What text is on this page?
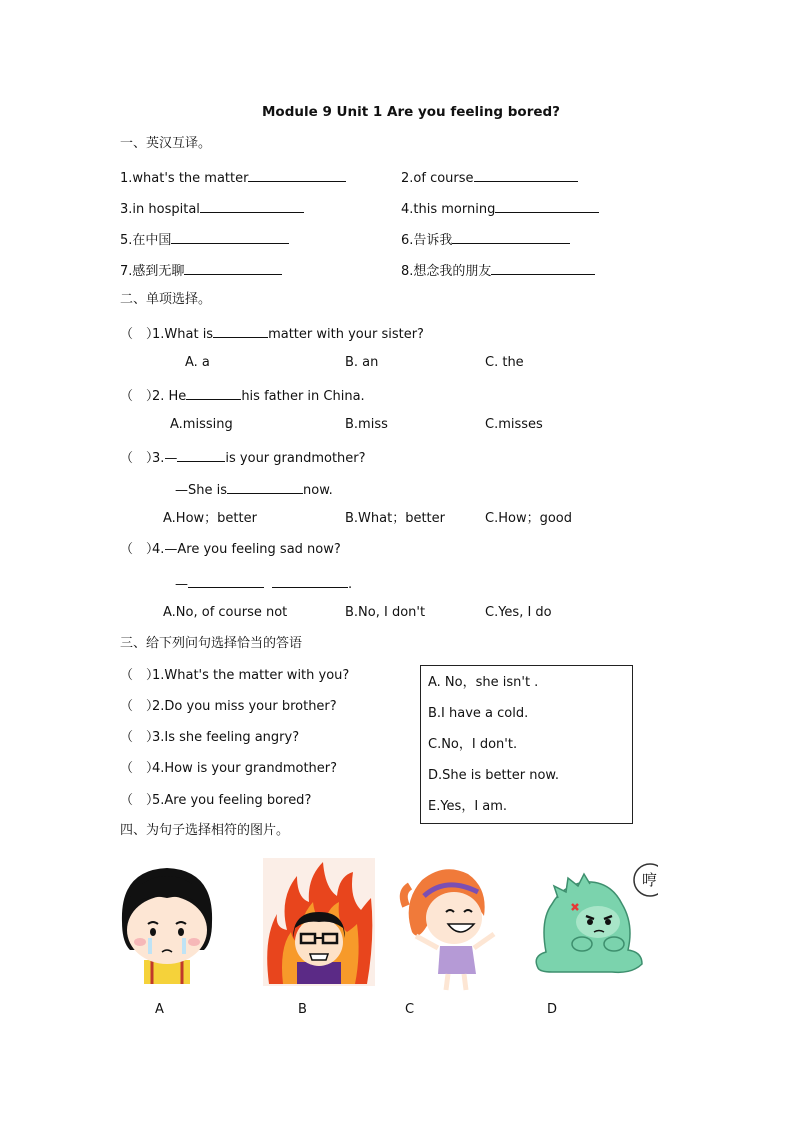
Module 9 Unit 1 Are you feeling bored?
一、英汉互译。
1.what's the matter	2.of course
3.in hospital	4.this morning
5.在中国	6.告诉我
7.感到无聊	8.想念我的朋友
二、单项选择。
（　）1.What is	matter with your sister?
A. a	B. an	C. the
（　）2. He	his father in China.
A.missing	B.miss	C.misses
（　）3.—	is your grandmother?
—She is	now.
A.How；better	B.What；better	C.How；good
（　）4.—Are you feeling sad now?
—	.
A.No, of course not	B.No, I don't	C.Yes, I do
三、给下列问句选择恰当的答语
（　）1.What's the matter with you?
（　）2.Do you miss your brother?
（　）3.Is she feeling angry?
（　）4.How is your grandmother?
（　）5.Are you feeling bored?
A. No，she isn't .
B.I have a cold.
C.No，I don't.
D.She is better now.
E.Yes，I am.
四、为句子选择相符的图片。
哼
A	B	C	D
